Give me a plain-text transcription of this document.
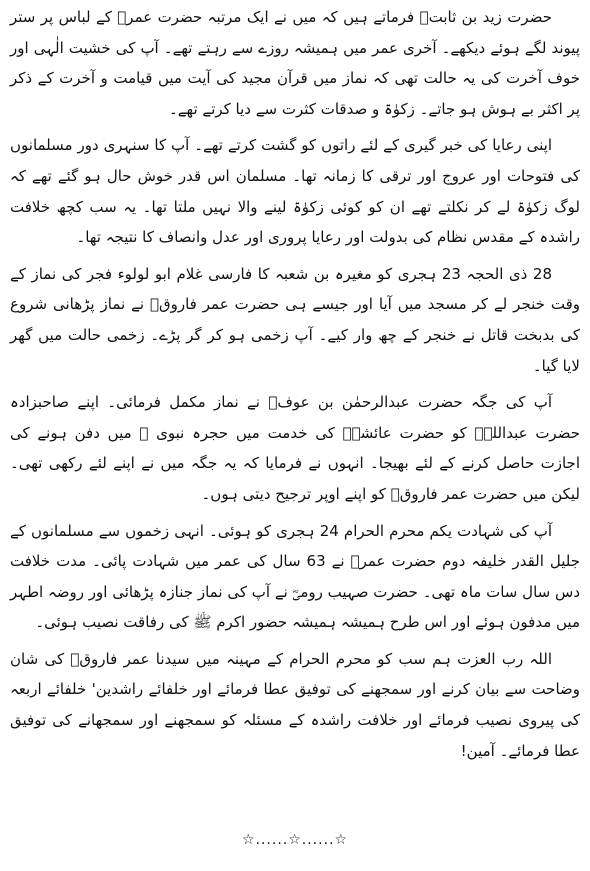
حضرت زید بن ثابتؓ فرماتے ہیں کہ میں نے ایک مرتبہ حضرت عمرؓ کے لباس پر ستر پیوند لگے ہوئے دیکھے۔ آخری عمر میں ہمیشہ روزے سے رہتے تھے۔ آپ کی خشیت الٰہی اور خوف آخرت کی یہ حالت تھی کہ نماز میں قرآن مجید کی آیت میں قیامت و آخرت کے ذکر پر اکثر بے ہوش ہو جاتے۔ زکوٰۃ و صدقات کثرت سے دیا کرتے تھے۔

اپنی رعایا کی خبر گیری کے لئے راتوں کو گشت کرتے تھے۔ آپ کا سنہری دور مسلمانوں کی فتوحات اور عروج اور ترقی کا زمانہ تھا۔ مسلمان اس قدر خوش حال ہو گئے تھے کہ لوگ زکوٰۃ لے کر نکلتے تھے ان کو کوئی زکوٰۃ لینے والا نہیں ملتا تھا۔ یہ سب کچھ خلافت راشدہ کے مقدس نظام کی بدولت اور رعایا پروری اور عدل وانصاف کا نتیجہ تھا۔

28 ذی الحجہ 23 ہجری کو مغیرہ بن شعبہ کا فارسی غلام ابو لولوء فجر کی نماز کے وقت خنجر لے کر مسجد میں آیا اور جیسے ہی حضرت عمر فاروقؓ نے نماز پڑھانی شروع کی بدبخت قاتل نے خنجر کے چھ وار کیے۔ آپ زخمی ہو کر گر پڑے۔ زخمی حالت میں گھر لایا گیا۔

آپ کی جگہ حضرت عبدالرحمٰن بن عوفؓ نے نماز مکمل فرمائی۔ اپنے صاحبزادہ حضرت عبداللہؓ کو حضرت عائشہؓ کی خدمت میں حجرہ نبوی ﷺ میں دفن ہونے کی اجازت حاصل کرنے کے لئے بھیجا۔ انہوں نے فرمایا کہ یہ جگہ میں نے اپنے لئے رکھی تھی۔ لیکن میں حضرت عمر فاروقؓ کو اپنے اوپر ترجیح دیتی ہوں۔

آپ کی شہادت یکم محرم الحرام 24 ہجری کو ہوئی۔ انہی زخموں سے مسلمانوں کے جلیل القدر خلیفہ دوم حضرت عمرؓ نے 63 سال کی عمر میں شہادت پائی۔ مدت خلافت دس سال سات ماہ تھی۔ حضرت صہیب رومیؓ نے آپ کی نماز جنازہ پڑھائی اور روضہ اطہر میں مدفون ہوئے اور اس طرح ہمیشہ ہمیشہ حضور اکرم ﷺ کی رفاقت نصیب ہوئی۔

اللہ رب العزت ہم سب کو محرم الحرام کے مہینہ میں سیدنا عمر فاروقؓ کی شان وضاحت سے بیان کرنے اور سمجھنے کی توفیق عطا فرمائے اور خلفائے راشدین' خلفائے اربعہ کی پیروی نصیب فرمائے اور خلافت راشدہ کے مسئلہ کو سمجھنے اور سمجھانے کی توفیق عطا فرمائے۔ آمین!

☆......☆......☆
